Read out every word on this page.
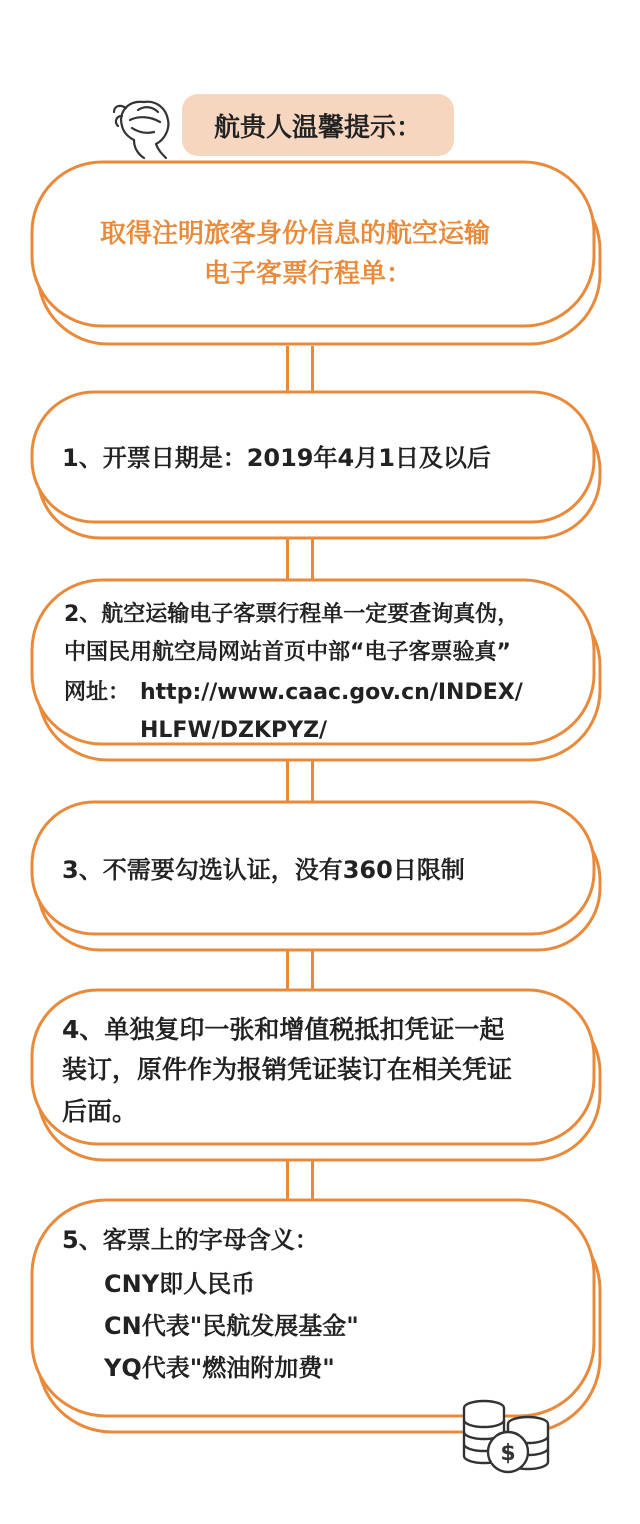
航贵人温馨提示：
取得注明旅客身份信息的航空运输
电子客票行程单：
1、开票日期是：2019年4月1日及以后
2、航空运输电子客票行程单一定要查询真伪，
中国民用航空局网站首页中部“电子客票验真”
网址： http://www.caac.gov.cn/INDEX/
HLFW/DZKPYZ/
3、不需要勾选认证，没有360日限制
4、单独复印一张和增值税抵扣凭证一起
装订，原件作为报销凭证装订在相关凭证
后面。
5、客票上的字母含义：
CNY即人民币
CN代表"民航发展基金"
YQ代表"燃油附加费"
$
